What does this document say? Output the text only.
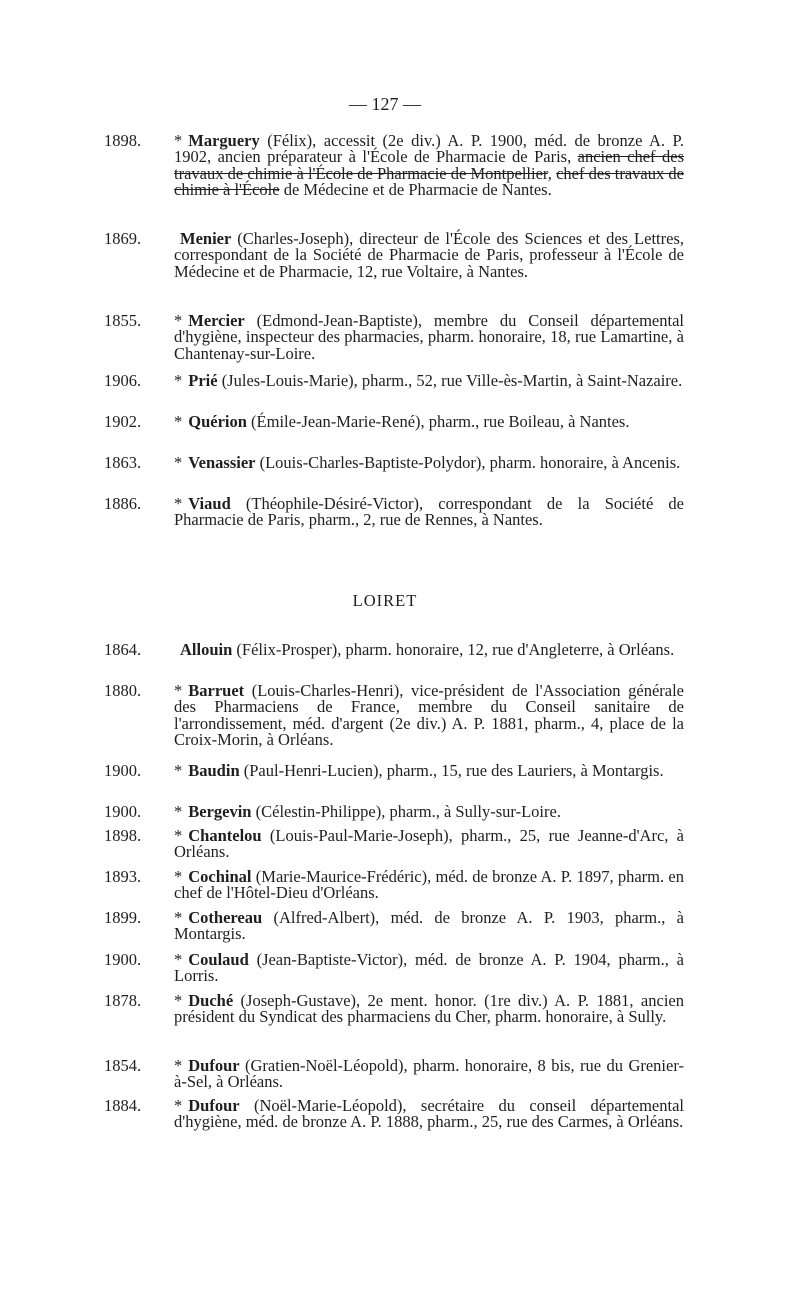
— 127 —
1898.	* Marguery (Félix), accessit (2e div.) A. P. 1900, méd. de bronze A. P. 1902, ancien préparateur à l'École de Pharmacie de Paris, ancien chef des travaux de chimie à l'École de Pharmacie de Montpellier, chef des travaux de chimie à l'École de Médecine et de Pharmacie de Nantes.
1869.	Menier (Charles-Joseph), directeur de l'École des Sciences et des Lettres, correspondant de la Société de Pharmacie de Paris, professeur à l'École de Médecine et de Pharmacie, 12, rue Voltaire, à Nantes.
1855.	* Mercier (Edmond-Jean-Baptiste), membre du Conseil départemental d'hygiène, inspecteur des pharmacies, pharm. honoraire, 18, rue Lamartine, à Chantenay-sur-Loire.
1906.	* Prié (Jules-Louis-Marie), pharm., 52, rue Ville-ès-Martin, à Saint-Nazaire.
1902.	* Quérion (Émile-Jean-Marie-René), pharm., rue Boileau, à Nantes.
1863.	* Venassier (Louis-Charles-Baptiste-Polydor), pharm. honoraire, à Ancenis.
1886.	* Viaud (Théophile-Désiré-Victor), correspondant de la Société de Pharmacie de Paris, pharm., 2, rue de Rennes, à Nantes.
LOIRET
1864.	Allouin (Félix-Prosper), pharm. honoraire, 12, rue d'Angleterre, à Orléans.
1880.	* Barruet (Louis-Charles-Henri), vice-président de l'Association générale des Pharmaciens de France, membre du Conseil sanitaire de l'arrondissement, méd. d'argent (2e div.) A. P. 1881, pharm., 4, place de la Croix-Morin, à Orléans.
1900.	* Baudin (Paul-Henri-Lucien), pharm., 15, rue des Lauriers, à Montargis.
1900.	* Bergevin (Célestin-Philippe), pharm., à Sully-sur-Loire.
1898.	* Chantelou (Louis-Paul-Marie-Joseph), pharm., 25, rue Jeanne-d'Arc, à Orléans.
1893.	* Cochinal (Marie-Maurice-Frédéric), méd. de bronze A. P. 1897, pharm. en chef de l'Hôtel-Dieu d'Orléans.
1899.	* Cothereau (Alfred-Albert), méd. de bronze A. P. 1903, pharm., à Montargis.
1900.	* Coulaud (Jean-Baptiste-Victor), méd. de bronze A. P. 1904, pharm., à Lorris.
1878.	* Duché (Joseph-Gustave), 2e ment. honor. (1re div.) A. P. 1881, ancien président du Syndicat des pharmaciens du Cher, pharm. honoraire, à Sully.
1854.	* Dufour (Gratien-Noël-Léopold), pharm. honoraire, 8 bis, rue du Grenier-à-Sel, à Orléans.
1884.	* Dufour (Noël-Marie-Léopold), secrétaire du conseil départemental d'hygiène, méd. de bronze A. P. 1888, pharm., 25, rue des Carmes, à Orléans.
